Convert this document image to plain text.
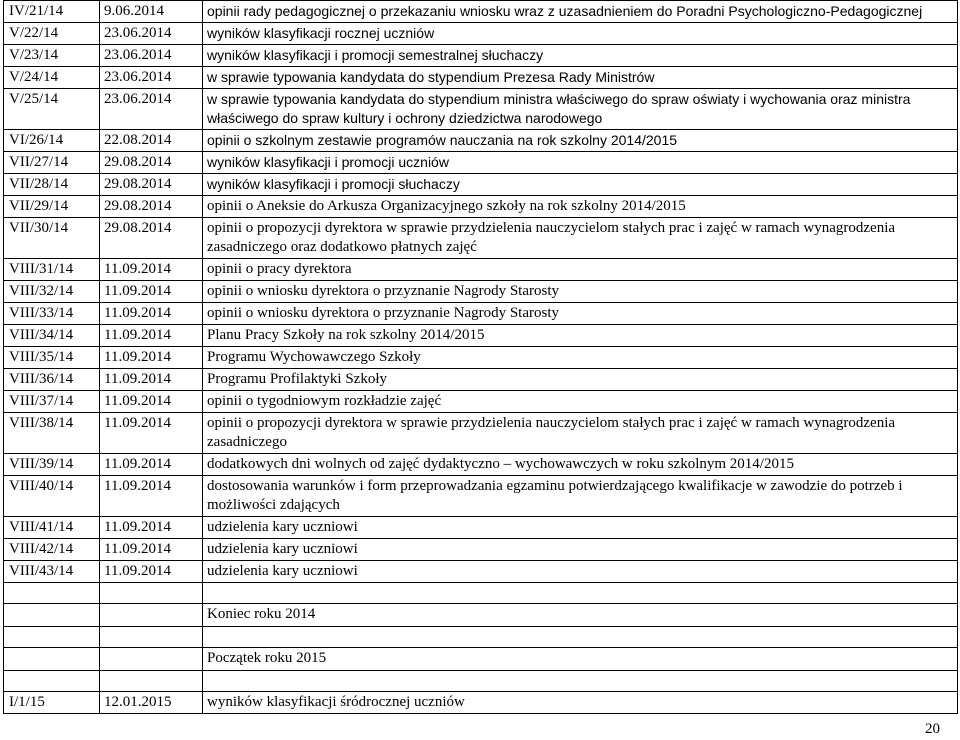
IV/21/14	9.06.2014	opinii rady pedagogicznej o przekazaniu wniosku wraz z uzasadnieniem do Poradni Psychologiczno-Pedagogicznej
V/22/14	23.06.2014	wyników klasyfikacji rocznej uczniów
V/23/14	23.06.2014	wyników klasyfikacji i promocji semestralnej słuchaczy
V/24/14	23.06.2014	w sprawie typowania kandydata do stypendium Prezesa Rady Ministrów
V/25/14	23.06.2014	w sprawie typowania kandydata do stypendium ministra właściwego do spraw oświaty i wychowania oraz ministra właściwego do spraw kultury i ochrony dziedzictwa narodowego
VI/26/14	22.08.2014	opinii o szkolnym zestawie programów nauczania na rok szkolny 2014/2015
VII/27/14	29.08.2014	wyników klasyfikacji i promocji uczniów
VII/28/14	29.08.2014	wyników klasyfikacji i promocji słuchaczy
VII/29/14	29.08.2014	opinii o Aneksie do Arkusza Organizacyjnego szkoły na rok szkolny 2014/2015
VII/30/14	29.08.2014	opinii o propozycji dyrektora w sprawie przydzielenia nauczycielom stałych prac i zajęć w ramach wynagrodzenia zasadniczego oraz dodatkowo płatnych zajęć
VIII/31/14	11.09.2014	opinii o pracy dyrektora
VIII/32/14	11.09.2014	opinii o wniosku dyrektora o przyznanie Nagrody Starosty
VIII/33/14	11.09.2014	opinii o wniosku dyrektora o przyznanie Nagrody Starosty
VIII/34/14	11.09.2014	Planu Pracy Szkoły na rok szkolny 2014/2015
VIII/35/14	11.09.2014	Programu Wychowawczego Szkoły
VIII/36/14	11.09.2014	Programu Profilaktyki Szkoły
VIII/37/14	11.09.2014	opinii o tygodniowym rozkładzie zajęć
VIII/38/14	11.09.2014	opinii o propozycji dyrektora w sprawie przydzielenia nauczycielom stałych prac i zajęć w ramach wynagrodzenia zasadniczego
VIII/39/14	11.09.2014	dodatkowych dni wolnych od zajęć dydaktyczno – wychowawczych w roku szkolnym 2014/2015
VIII/40/14	11.09.2014	dostosowania warunków i form przeprowadzania egzaminu potwierdzającego kwalifikacje w zawodzie do potrzeb i możliwości zdających
VIII/41/14	11.09.2014	udzielenia kary uczniowi
VIII/42/14	11.09.2014	udzielenia kary uczniowi
VIII/43/14	11.09.2014	udzielenia kary uczniowi

		Koniec roku 2014

		Początek roku 2015

I/1/15	12.01.2015	wyników klasyfikacji śródrocznej uczniów
20
